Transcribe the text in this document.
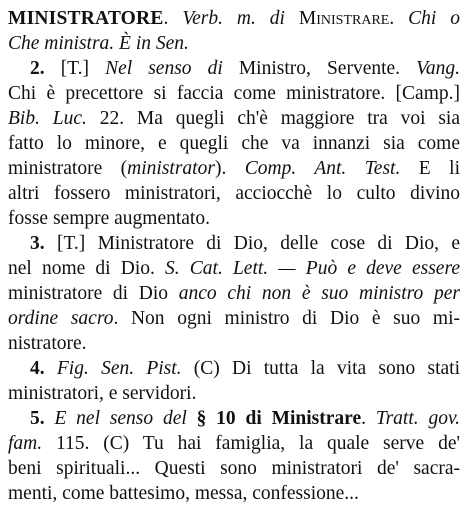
MINISTRATORE. Verb. m. di Ministrare. Chi o
Che ministra. È in Sen.
2. [T.] Nel senso di Ministro, Servente. Vang.
Chi è precettore si faccia come ministratore. [Camp.]
Bib. Luc. 22. Ma quegli ch'è maggiore tra voi sia
fatto lo minore, e quegli che va innanzi sia come
ministratore (ministrator). Comp. Ant. Test. E li
altri fossero ministratori, acciocchè lo culto divino
fosse sempre augmentato.
3. [T.] Ministratore di Dio, delle cose di Dio, e
nel nome di Dio. S. Cat. Lett. — Può e deve essere
ministratore di Dio anco chi non è suo ministro per
ordine sacro. Non ogni ministro di Dio è suo mi-
nistratore.
4. Fig. Sen. Pist. (C) Di tutta la vita sono stati
ministratori, e servidori.
5. E nel senso del § 10 di Ministrare. Tratt. gov.
fam. 115. (C) Tu hai famiglia, la quale serve de'
beni spirituali... Questi sono ministratori de' sacra-
menti, come battesimo, messa, confessione...
